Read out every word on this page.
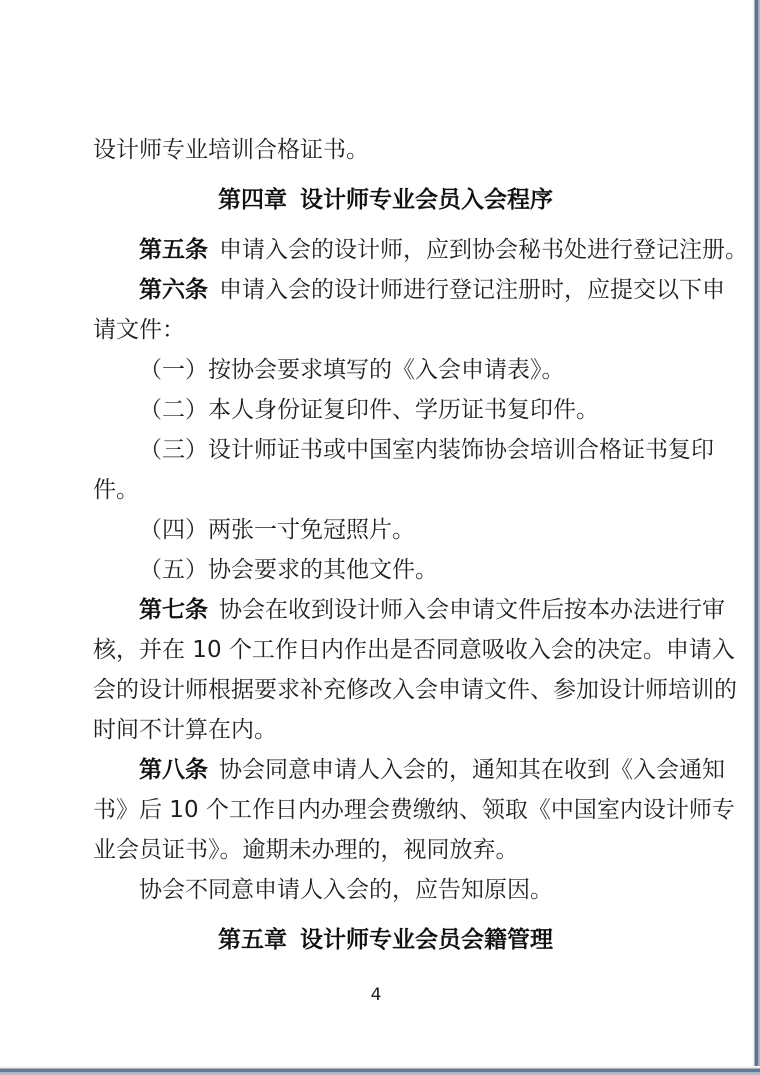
设计师专业培训合格证书。
第四章 设计师专业会员入会程序
第五条 申请入会的设计师，应到协会秘书处进行登记注册。
第六条 申请入会的设计师进行登记注册时，应提交以下申
请文件：
（一）按协会要求填写的《入会申请表》。
（二）本人身份证复印件、学历证书复印件。
（三）设计师证书或中国室内装饰协会培训合格证书复印
件。
（四）两张一寸免冠照片。
（五）协会要求的其他文件。
第七条 协会在收到设计师入会申请文件后按本办法进行审
核，并在 10 个工作日内作出是否同意吸收入会的决定。申请入
会的设计师根据要求补充修改入会申请文件、参加设计师培训的
时间不计算在内。
第八条 协会同意申请人入会的，通知其在收到《入会通知
书》后 10 个工作日内办理会费缴纳、领取《中国室内设计师专
业会员证书》。逾期未办理的，视同放弃。
协会不同意申请人入会的，应告知原因。
第五章 设计师专业会员会籍管理
4
